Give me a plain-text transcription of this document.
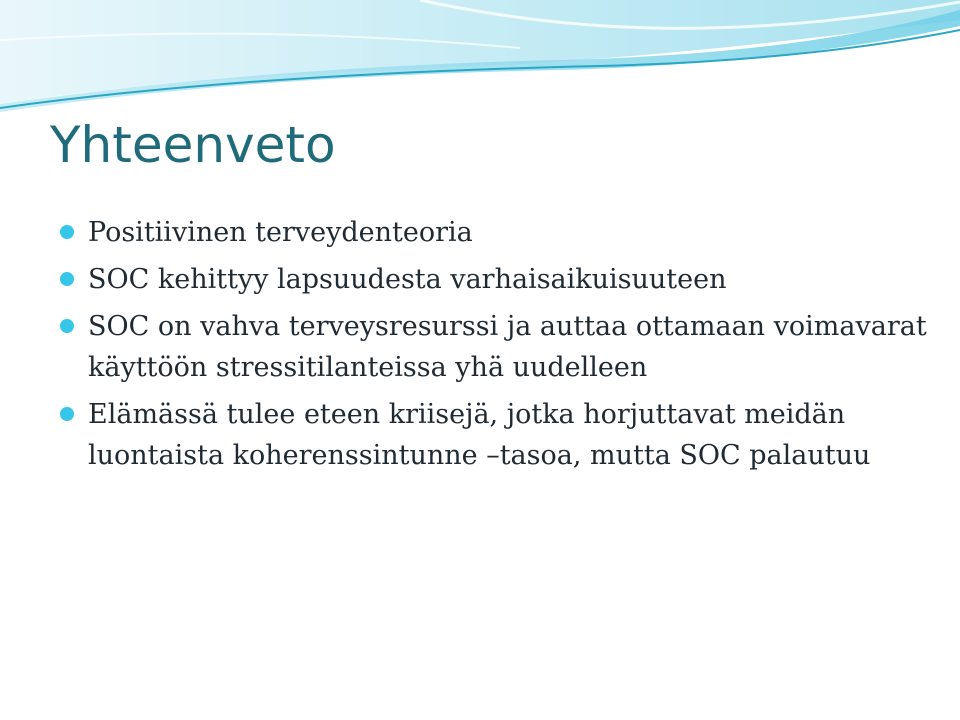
Yhteenveto
Positiivinen terveydenteoria
SOC kehittyy lapsuudesta varhaisaikuisuuteen
SOC on vahva terveysresurssi ja auttaa ottamaan voimavarat käyttöön stressitilanteissa yhä uudelleen
Elämässä tulee eteen kriisejä, jotka horjuttavat meidän luontaista koherenssintunne –tasoa, mutta SOC palautuu
